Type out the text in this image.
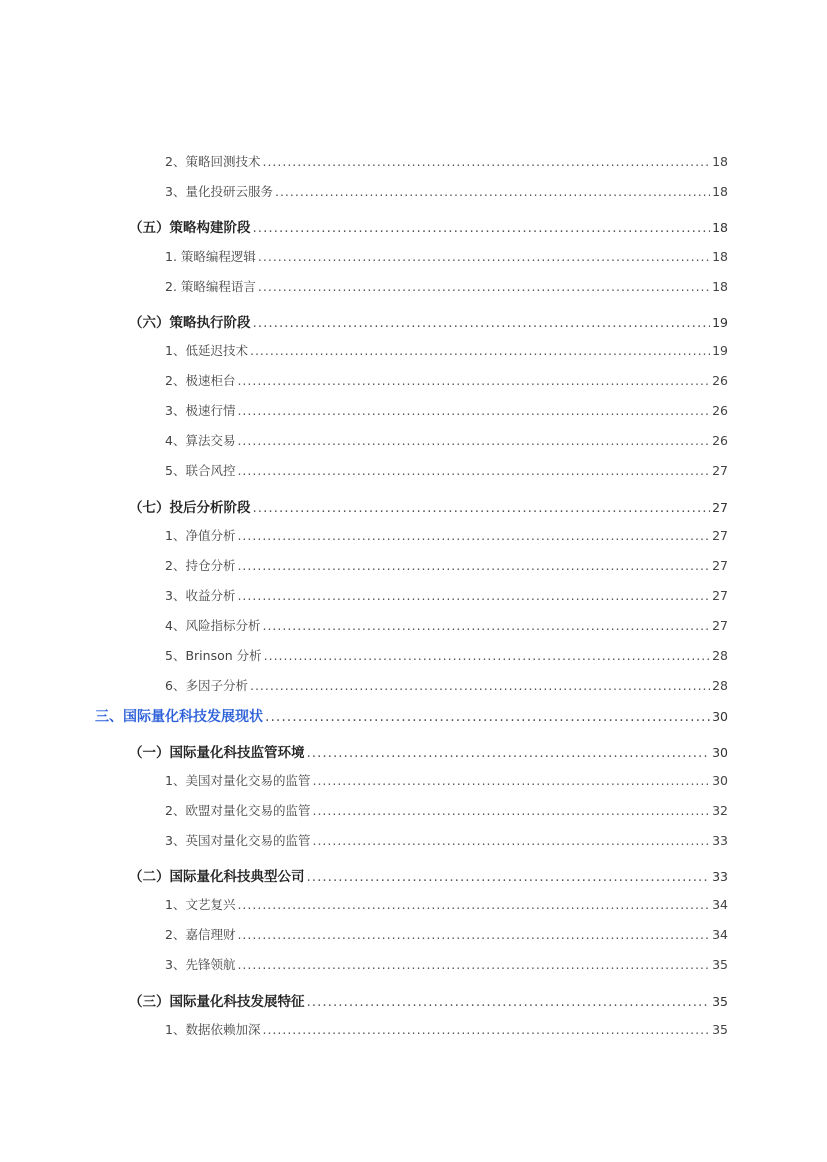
2、策略回测技术 .....	18
3、量化投研云服务 .....	18
（五）策略构建阶段 .....	18
1. 策略编程逻辑 .....	18
2. 策略编程语言 .....	18
（六）策略执行阶段 .....	19
1、低延迟技术 .....	19
2、极速柜台 .....	26
3、极速行情 .....	26
4、算法交易 .....	26
5、联合风控 .....	27
（七）投后分析阶段 .....	27
1、净值分析 .....	27
2、持仓分析 .....	27
3、收益分析 .....	27
4、风险指标分析 .....	27
5、Brinson 分析 .....	28
6、多因子分析 .....	28
三、国际量化科技发展现状 .....	30
（一）国际量化科技监管环境 .....	30
1、美国对量化交易的监管 .....	30
2、欧盟对量化交易的监管 .....	32
3、英国对量化交易的监管 .....	33
（二）国际量化科技典型公司 .....	33
1、文艺复兴 .....	34
2、嘉信理财 .....	34
3、先锋领航 .....	35
（三）国际量化科技发展特征 .....	35
1、数据依赖加深 .....	35
